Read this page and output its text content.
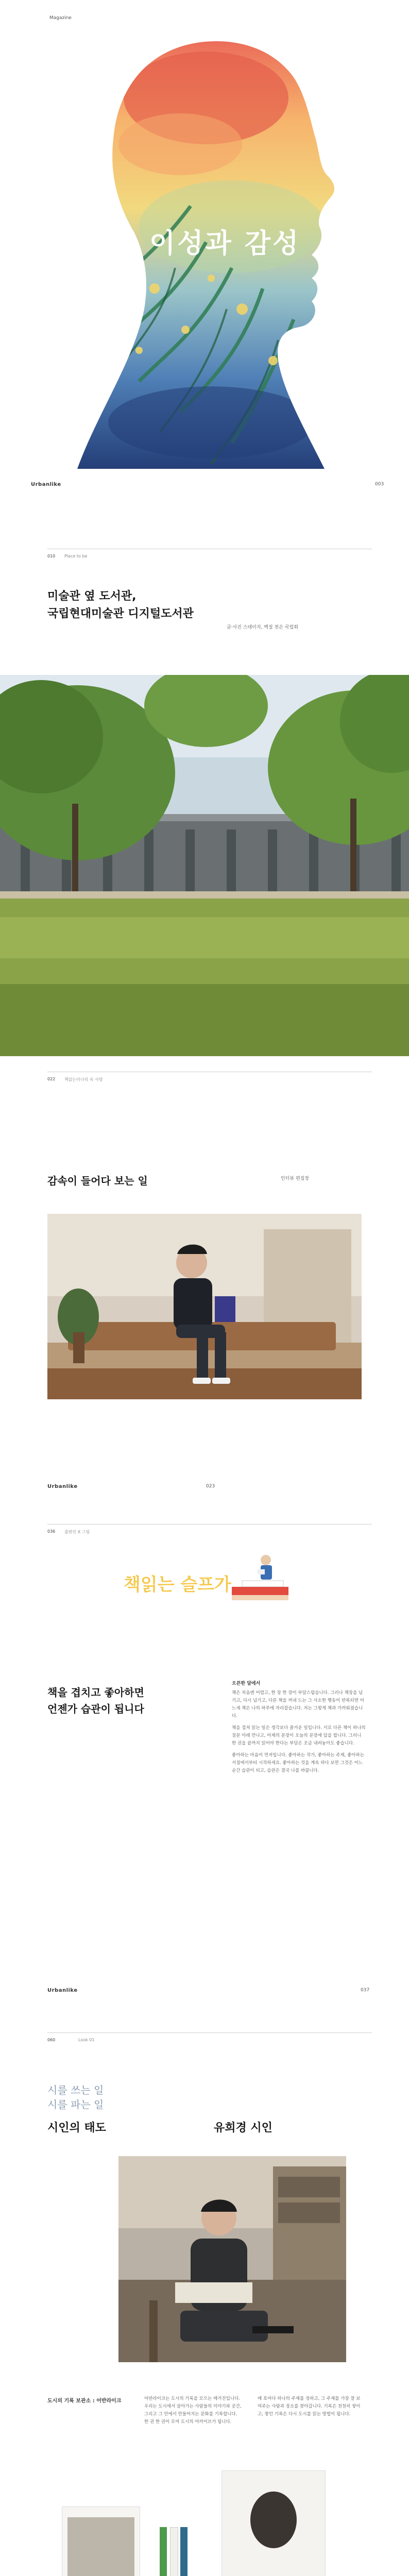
Magazine
이성과 감성
Urbanlike	003
010 Place to be
미술관 옆 도서관,
국립현대미술관 디지털도서관
글·사진 스테이지, 백질 천은 국립회
022 책읽는미나리 속 사람
감속이 들어다 보는 일	인터뷰 편집장
Urbanlike	023
036 출판인 X 그림
책읽는 슬프가
책을 겹치고 좋아하면
언젠가 습관이 됩니다
오픈한 달에서

책은 처음엔 어렵고, 한 장 한 장이 부담스럽습니다. 그러나 책장을 넘기고, 다시 넘기고, 다른 책을 꺼내 드는 그 사소한 행동이 반복되면 어느새 책은 나의 하루에 자리잡습니다. 저는 그렇게 책과 가까워졌습니다.

책을 겹쳐 읽는 일은 생각보다 즐거운 일입니다. 서로 다른 책이 하나의 질문 아래 만나고, 어제의 문장이 오늘의 문장에 답을 합니다. 그러니 한 권을 끝까지 읽어야 한다는 부담은 조금 내려놓아도 좋습니다.

좋아하는 마음이 먼저입니다. 좋아하는 작가, 좋아하는 주제, 좋아하는 서점에서부터 시작하세요. 좋아하는 것을 계속 하다 보면 그것은 어느 순간 습관이 되고, 습관은 결국 나를 바꿉니다.

Urbanlike	037
060	Look 01
시를 쓰는 일
시를 파는 일
시인의 태도	유희경 시인
도시의 기록 보관소 : 어반라이크	어반라이크는 도시의 기록을 모으는 매거진입니다. 우리는 도시에서 살아가는 사람들의 이야기와 공간, 그리고 그 안에서 만들어지는 문화를 기록합니다. 한 권 한 권이 모여 도시의 아카이브가 됩니다.

매 호마다 하나의 주제를 정하고, 그 주제를 가장 잘 보여주는 사람과 장소를 찾아갑니다. 기록은 천천히 쌓이고, 쌓인 기록은 다시 도시를 읽는 방법이 됩니다.
